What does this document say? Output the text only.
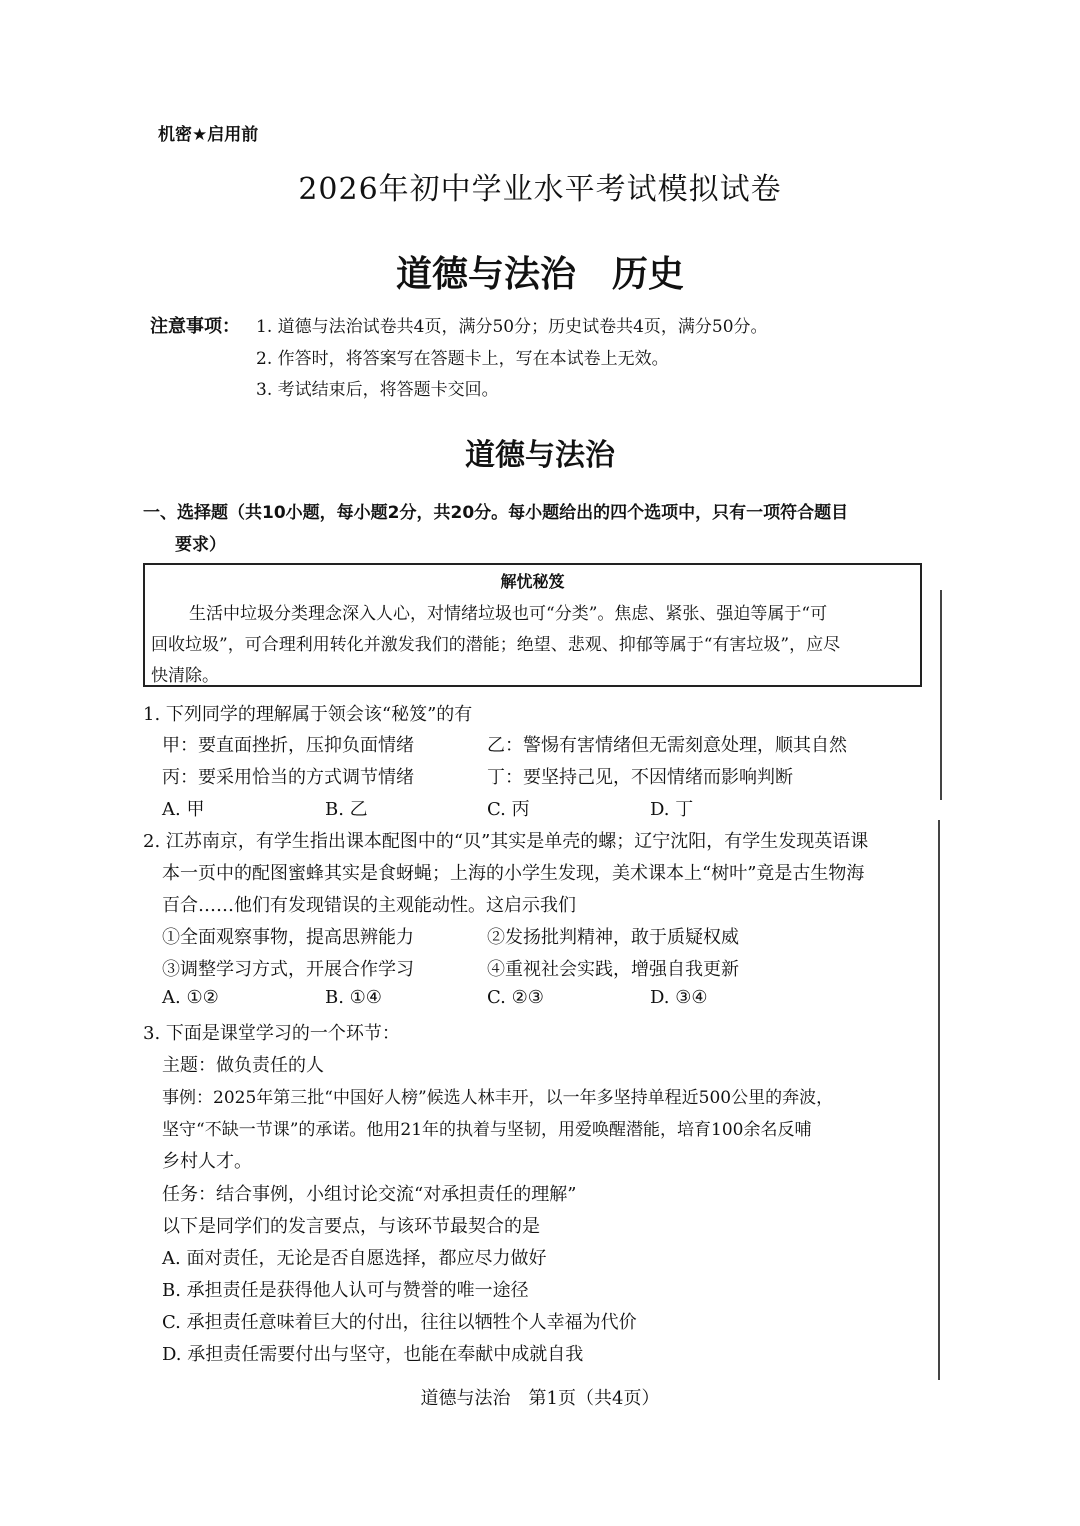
机密★启用前
2026年初中学业水平考试模拟试卷
道德与法治 历史
注意事项： 1. 道德与法治试卷共4页，满分50分；历史试卷共4页，满分50分。
2. 作答时，将答案写在答题卡上，写在本试卷上无效。
3. 考试结束后，将答题卡交回。
道德与法治
一、选择题（共10小题，每小题2分，共20分。每小题给出的四个选项中，只有一项符合题目
要求）
解忧秘笈
生活中垃圾分类理念深入人心，对情绪垃圾也可“分类”。焦虑、紧张、强迫等属于“可
回收垃圾”，可合理利用转化并激发我们的潜能；绝望、悲观、抑郁等属于“有害垃圾”，应尽
快清除。
1. 下列同学的理解属于领会该“秘笈”的有
甲：要直面挫折，压抑负面情绪	乙：警惕有害情绪但无需刻意处理，顺其自然
丙：要采用恰当的方式调节情绪	丁：要坚持己见，不因情绪而影响判断
A. 甲	B. 乙	C. 丙	D. 丁
2. 江苏南京，有学生指出课本配图中的“贝”其实是单壳的螺；辽宁沈阳，有学生发现英语课
本一页中的配图蜜蜂其实是食蚜蝇；上海的小学生发现，美术课本上“树叶”竟是古生物海
百合……他们有发现错误的主观能动性。这启示我们
①全面观察事物，提高思辨能力	②发扬批判精神，敢于质疑权威
③调整学习方式，开展合作学习	④重视社会实践，增强自我更新
A. ①②	B. ①④	C. ②③	D. ③④
3. 下面是课堂学习的一个环节：
主题：做负责任的人
事例：2025年第三批“中国好人榜”候选人林丰开，以一年多坚持单程近500公里的奔波，
坚守“不缺一节课”的承诺。他用21年的执着与坚韧，用爱唤醒潜能，培育100余名反哺
乡村人才。
任务：结合事例，小组讨论交流“对承担责任的理解”
以下是同学们的发言要点，与该环节最契合的是
A. 面对责任，无论是否自愿选择，都应尽力做好
B. 承担责任是获得他人认可与赞誉的唯一途径
C. 承担责任意味着巨大的付出，往往以牺牲个人幸福为代价
D. 承担责任需要付出与坚守，也能在奉献中成就自我
道德与法治　第1页（共4页）
